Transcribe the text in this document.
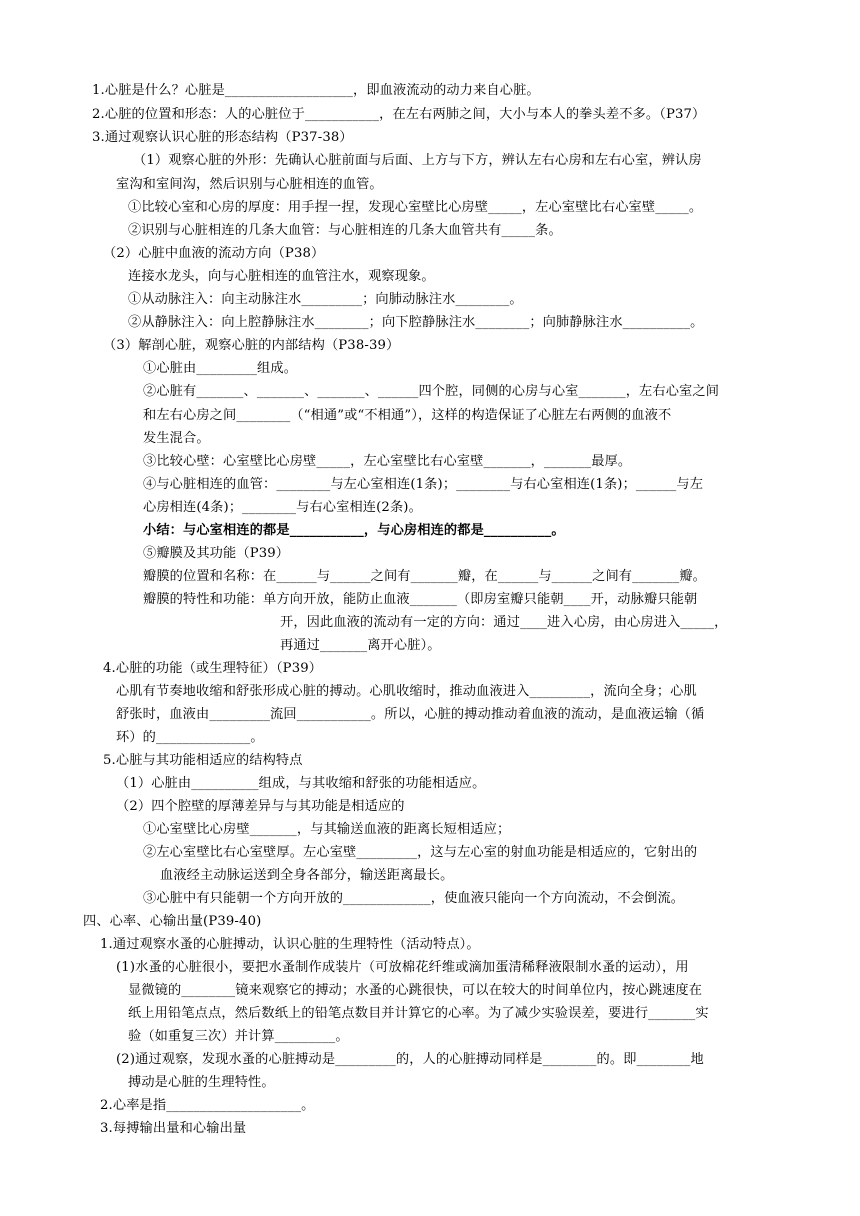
1.心脏是什么？心脏是___________________，即血液流动的动力来自心脏。
2.心脏的位置和形态：人的心脏位于___________，在左右两肺之间，大小与本人的拳头差不多。（P37）
3.通过观察认识心脏的形态结构（P37-38）
（1）观察心脏的外形：先确认心脏前面与后面、上方与下方，辨认左右心房和左右心室，辨认房
室沟和室间沟，然后识别与心脏相连的血管。
①比较心室和心房的厚度：用手捏一捏，发现心室壁比心房壁_____，左心室壁比右心室壁_____。
②识别与心脏相连的几条大血管：与心脏相连的几条大血管共有_____条。
（2）心脏中血液的流动方向（P38）
连接水龙头，向与心脏相连的血管注水，观察现象。
①从动脉注入：向主动脉注水_________；向肺动脉注水________。
②从静脉注入：向上腔静脉注水________；向下腔静脉注水________；向肺静脉注水__________。
（3）解剖心脏，观察心脏的内部结构（P38-39）
①心脏由_________组成。
②心脏有_______、_______、_______、______四个腔，同侧的心房与心室_______，左右心室之间
和左右心房之间________（“相通”或“不相通”），这样的构造保证了心脏左右两侧的血液不
发生混合。
③比较心壁：心室壁比心房壁_____，左心室壁比右心室壁_______，_______最厚。
④与心脏相连的血管：________与左心室相连(1条)；________与右心室相连(1条)；______与左
心房相连(4条)；________与右心室相连(2条)。
小结：与心室相连的都是___________，与心房相连的都是__________。
⑤瓣膜及其功能（P39）
瓣膜的位置和名称：在______与______之间有_______瓣，在______与______之间有_______瓣。
瓣膜的特性和功能：单方向开放，能防止血液_______（即房室瓣只能朝____开，动脉瓣只能朝
开，因此血液的流动有一定的方向：通过____进入心房，由心房进入_____，
再通过_______离开心脏）。
4.心脏的功能（或生理特征）（P39）
心肌有节奏地收缩和舒张形成心脏的搏动。心肌收缩时，推动血液进入_________，流向全身；心肌
舒张时，血液由_________流回___________。所以，心脏的搏动推动着血液的流动，是血液运输（循
环）的______________。
5.心脏与其功能相适应的结构特点
（1）心脏由__________组成，与其收缩和舒张的功能相适应。
（2）四个腔壁的厚薄差异与与其功能是相适应的
①心室壁比心房壁_______，与其输送血液的距离长短相适应；
②左心室壁比右心室壁厚。左心室壁_________，这与左心室的射血功能是相适应的，它射出的
血液经主动脉运送到全身各部分，输送距离最长。
③心脏中有只能朝一个方向开放的_____________，使血液只能向一个方向流动，不会倒流。
四、心率、心输出量(P39-40)
1.通过观察水蚤的心脏搏动，认识心脏的生理特性（活动特点）。
(1)水蚤的心脏很小，要把水蚤制作成装片（可放棉花纤维或滴加蛋清稀释液限制水蚤的运动），用
显微镜的________镜来观察它的搏动；水蚤的心跳很快，可以在较大的时间单位内，按心跳速度在
纸上用铅笔点点，然后数纸上的铅笔点数目并计算它的心率。为了减少实验误差，要进行_______实
验（如重复三次）并计算_________。
(2)通过观察，发现水蚤的心脏搏动是_________的，人的心脏搏动同样是________的。即________地
搏动是心脏的生理特性。
2.心率是指____________________。
3.每搏输出量和心输出量
